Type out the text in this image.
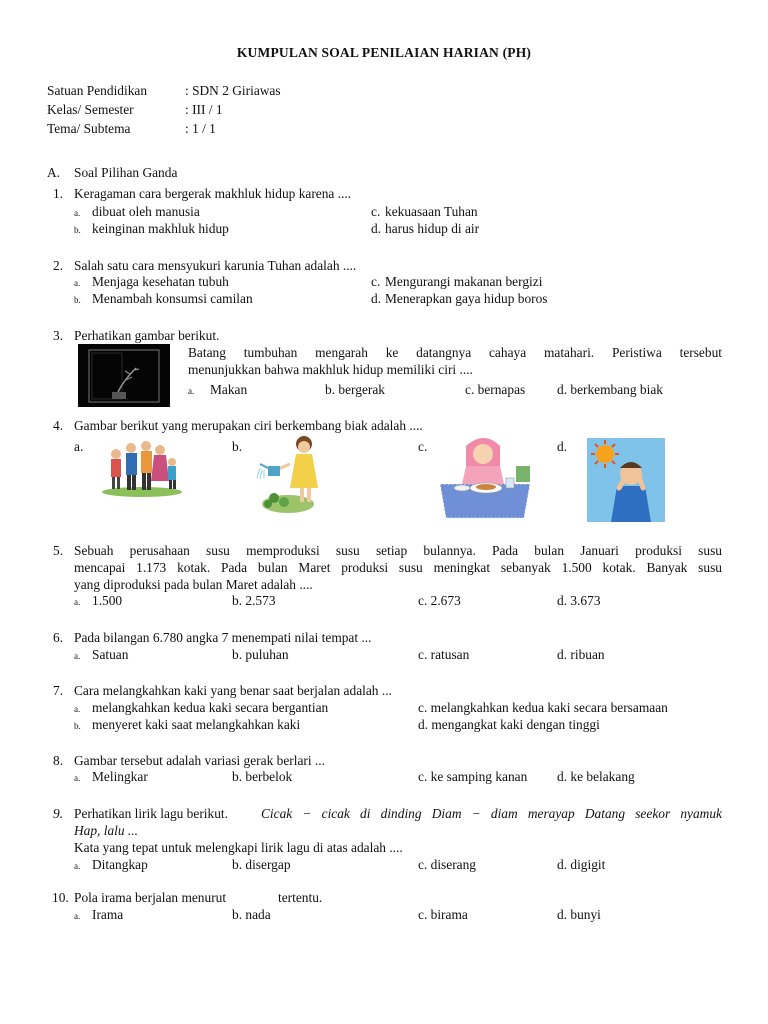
KUMPULAN SOAL PENILAIAN HARIAN (PH)
Satuan Pendidikan	: SDN 2 Giriawas
Kelas/ Semester	: III / 1
Tema/ Subtema	: 1 / 1
A. Soal Pilihan Ganda
1. Keragaman cara bergerak makhluk hidup karena ....
a. dibuat oleh manusia	c. kekuasaan Tuhan
b. keinginan makhluk hidup	d. harus hidup di air
2. Salah satu cara mensyukuri karunia Tuhan adalah ....
a. Menjaga kesehatan tubuh	c. Mengurangi makanan bergizi
b. Menambah konsumsi camilan	d. Menerapkan gaya hidup boros
3. Perhatikan gambar berikut.
Batang tumbuhan mengarah ke datangnya cahaya matahari. Peristiwa tersebut
menunjukkan bahwa makhluk hidup memiliki ciri ....
a. Makan	b. bergerak	c. bernapas d. berkembang biak
4. Gambar berikut yang merupakan ciri berkembang biak adalah ....
a.	b.	c.	d.
5. Sebuah perusahaan susu memproduksi susu setiap bulannya. Pada bulan Januari produksi susu
mencapai 1.173 kotak. Pada bulan Maret produksi susu meningkat sebanyak 1.500 kotak. Banyak susu
yang diproduksi pada bulan Maret adalah ....
a. 1.500	b. 2.573	c. 2.673	d. 3.673
6. Pada bilangan 6.780 angka 7 menempati nilai tempat ...
a. Satuan	b. puluhan	c. ratusan	d. ribuan
7. Cara melangkahkan kaki yang benar saat berjalan adalah ...
a. melangkahkan kedua kaki secara bergantian	c. melangkahkan kedua kaki secara bersamaan
b. menyeret kaki saat melangkahkan kaki	d. mengangkat kaki dengan tinggi
8. Gambar tersebut adalah variasi gerak berlari ...
a. Melingkar	b. berbelok	c. ke samping kanan d. ke belakang
9. Perhatikan lirik lagu berikut. Cicak − cicak di dinding Diam − diam merayap Datang seekor nyamuk
Hap, lalu ...
Kata yang tepat untuk melengkapi lirik lagu di atas adalah ....
a. Ditangkap	b. disergap	c. diserang	d. digigit
10. Pola irama berjalan menurut	tertentu.
a. Irama	b. nada	c. birama	d. bunyi
